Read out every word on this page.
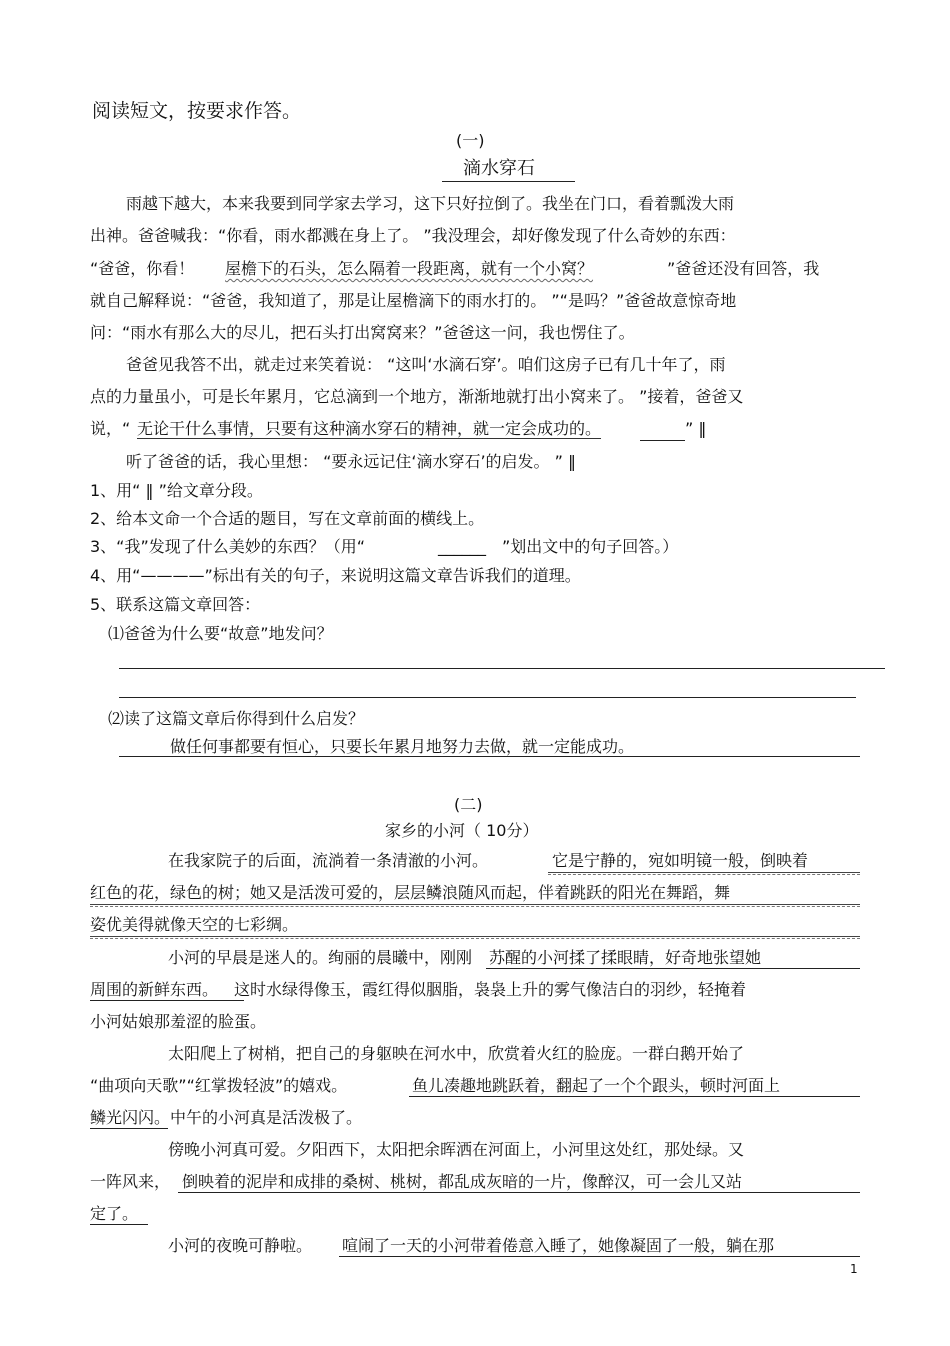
阅读短文，按要求作答。
(一)
滴水穿石
雨越下越大，本来我要到同学家去学习，这下只好拉倒了。我坐在门口，看着瓢泼大雨
出神。爸爸喊我：“你看，雨水都溅在身上了。 ”我没理会，却好像发现了什么奇妙的东西：
“爸爸，你看！ 屋檐下的石头，怎么隔着一段距离，就有一个小窝？	”爸爸还没有回答，我
就自己解释说：“爸爸，我知道了，那是让屋檐滴下的雨水打的。 ”“是吗？”爸爸故意惊奇地
问：“雨水有那么大的尽儿，把石头打出窝窝来？”爸爸这一问，我也愣住了。
爸爸见我答不出，就走过来笑着说： “这叫‘水滴石穿’。咱们这房子已有几十年了，雨
点的力量虽小，可是长年累月，它总滴到一个地方，渐渐地就打出小窝来了。 ”接着，爸爸又
说，“ 无论干什么事情，只要有这种滴水穿石的精神，就一定会成功的。	” ‖
听了爸爸的话，我心里想： “要永远记住‘滴水穿石’的启发。 ” ‖
1、用“ ‖ ”给文章分段。
2、给本文命一个合适的题目，写在文章前面的横线上。
3、“我”发现了什么美妙的东西？（用“	______ ”划出文中的句子回答。）
4、用“————”标出有关的句子，来说明这篇文章告诉我们的道理。
5、联系这篇文章回答：
⑴爸爸为什么要“故意”地发问？
⑵读了这篇文章后你得到什么启发？
做任何事都要有恒心，只要长年累月地努力去做，就一定能成功。
(二)
家乡的小河（ 10分）
在我家院子的后面，流淌着一条清澈的小河。	它是宁静的，宛如明镜一般，倒映着
红色的花，绿色的树；她又是活泼可爱的，层层鳞浪随风而起，伴着跳跃的阳光在舞蹈，舞
姿优美得就像天空的七彩绸。
小河的早晨是迷人的。绚丽的晨曦中，刚刚 苏醒的小河揉了揉眼睛，好奇地张望她
周围的新鲜东西。 这时水绿得像玉，霞红得似胭脂，袅袅上升的雾气像洁白的羽纱，轻掩着
小河姑娘那羞涩的脸蛋。
太阳爬上了树梢，把自己的身躯映在河水中，欣赏着火红的脸庞。一群白鹅开始了
“曲项向天歌”“红掌拨轻波”的嬉戏。	鱼儿凑趣地跳跃着，翻起了一个个跟头，顿时河面上
鳞光闪闪。 中午的小河真是活泼极了。
傍晚小河真可爱。夕阳西下，太阳把余晖洒在河面上，小河里这处红，那处绿。又
一阵风来， 倒映着的泥岸和成排的桑树、桃树，都乱成灰暗的一片，像醉汉，可一会儿又站
定了。
小河的夜晚可静啦。 喧闹了一天的小河带着倦意入睡了，她像凝固了一般，躺在那
1
